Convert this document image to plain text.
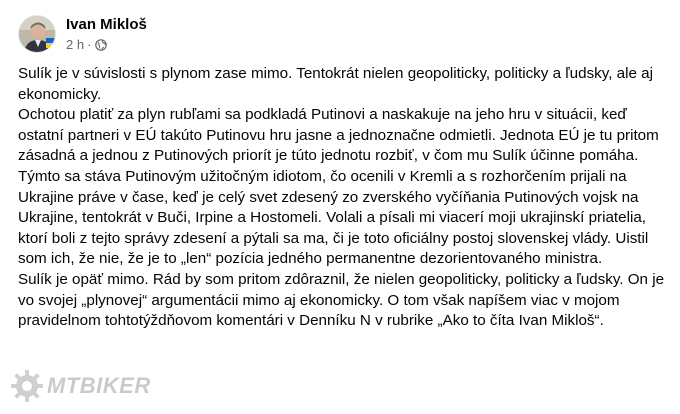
Ivan Mikloš
2 h ·

Sulík je v súvislosti s plynom zase mimo. Tentokrát nielen geopoliticky, politicky a ľudsky, ale aj ekonomicky.

Ochotou platiť za plyn rubľami sa podkladá Putinovi a naskakuje na jeho hru v situácii, keď ostatní partneri v EÚ takúto Putinovu hru jasne a jednoznačne odmietli. Jednota EÚ je tu pritom zásadná a jednou z Putinových priorít je túto jednotu rozbiť, v čom mu Sulík účinne pomáha.

Týmto sa stáva Putinovým užitočným idiotom, čo ocenili v Kremli a s rozhorčením prijali na Ukrajine práve v čase, keď je celý svet zdesený zo zverského vyčíňania Putinových vojsk na Ukrajine, tentokrát v Buči, Irpine a Hostomeli. Volali a písali mi viacerí moji ukrajinskí priatelia, ktorí boli z tejto správy zdesení a pýtali sa ma, či je toto oficiálny postoj slovenskej vlády. Uistil som ich, že nie, že je to „len“ pozícia jedného permanentne dezorientovaného ministra.

Sulík je opäť mimo. Rád by som pritom zdôraznil, že nielen geopoliticky, politicky a ľudsky. On je vo svojej „plynovej“ argumentácii mimo aj ekonomicky. O tom však napíšem viac v mojom pravidelnom tohtotýždňovom komentári v Denníku N v rubrike „Ako to číta Ivan Mikloš“.

MTBIKER
